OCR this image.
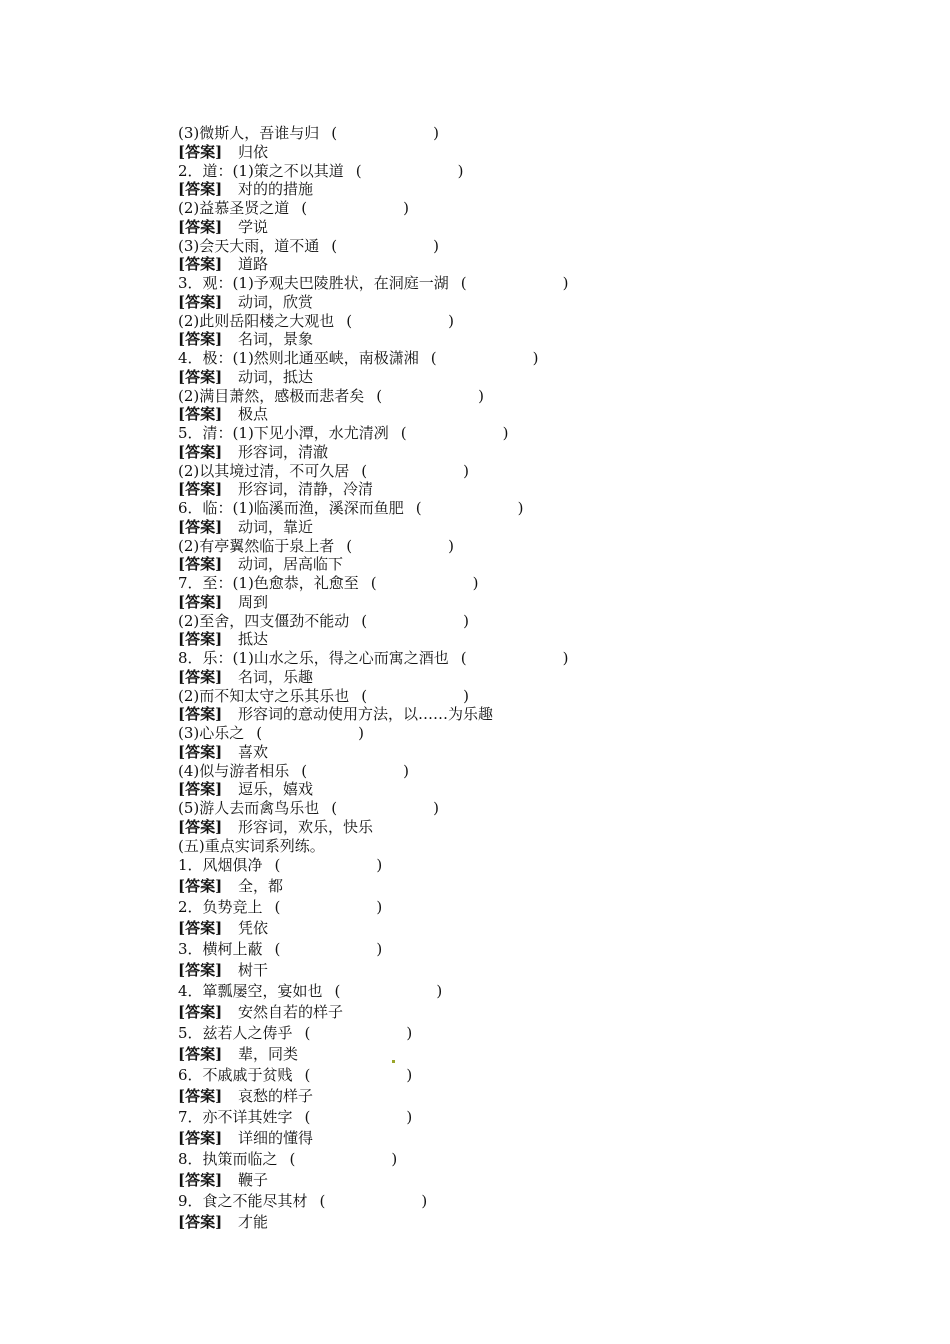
(3)微斯人，吾谁与归 (	)
[答案] 归依
2．道：(1)策之不以其道 (	)
[答案] 对的的措施
(2)益慕圣贤之道 (	)
[答案] 学说
(3)会天大雨，道不通 (	)
[答案] 道路
3．观：(1)予观夫巴陵胜状，在洞庭一湖 (	)
[答案] 动词，欣赏
(2)此则岳阳楼之大观也 (	)
[答案] 名词，景象
4．极：(1)然则北通巫峡，南极潇湘 (	)
[答案] 动词，抵达
(2)满目萧然，感极而悲者矣 (	)
[答案] 极点
5．清：(1)下见小潭，水尤清冽 (	)
[答案] 形容词，清澈
(2)以其境过清，不可久居 (	)
[答案] 形容词，清静，冷清
6．临：(1)临溪而渔，溪深而鱼肥 (	)
[答案] 动词，靠近
(2)有亭翼然临于泉上者 (	)
[答案] 动词，居高临下
7．至：(1)色愈恭，礼愈至 (	)
[答案] 周到
(2)至舍，四支僵劲不能动 (	)
[答案] 抵达
8．乐：(1)山水之乐，得之心而寓之酒也 (	)
[答案] 名词，乐趣
(2)而不知太守之乐其乐也 (	)
[答案] 形容词的意动使用方法，以……为乐趣
(3)心乐之 (	)
[答案] 喜欢
(4)似与游者相乐 (	)
[答案] 逗乐，嬉戏
(5)游人去而禽鸟乐也 (	)
[答案] 形容词，欢乐，快乐
(五)重点实词系列练。
1．风烟俱净 (	)
[答案] 全，都
2．负势竞上 (	)
[答案] 凭依
3．横柯上蔽 (	)
[答案] 树干
4．箪瓢屡空，宴如也 (	)
[答案] 安然自若的样子
5．兹若人之俦乎 (	)
[答案] 辈，同类
6．不戚戚于贫贱 (	)
[答案] 哀愁的样子
7．亦不详其姓字 (	)
[答案] 详细的懂得
8．执策而临之 (	)
[答案] 鞭子
9．食之不能尽其材 (	)
[答案] 才能
